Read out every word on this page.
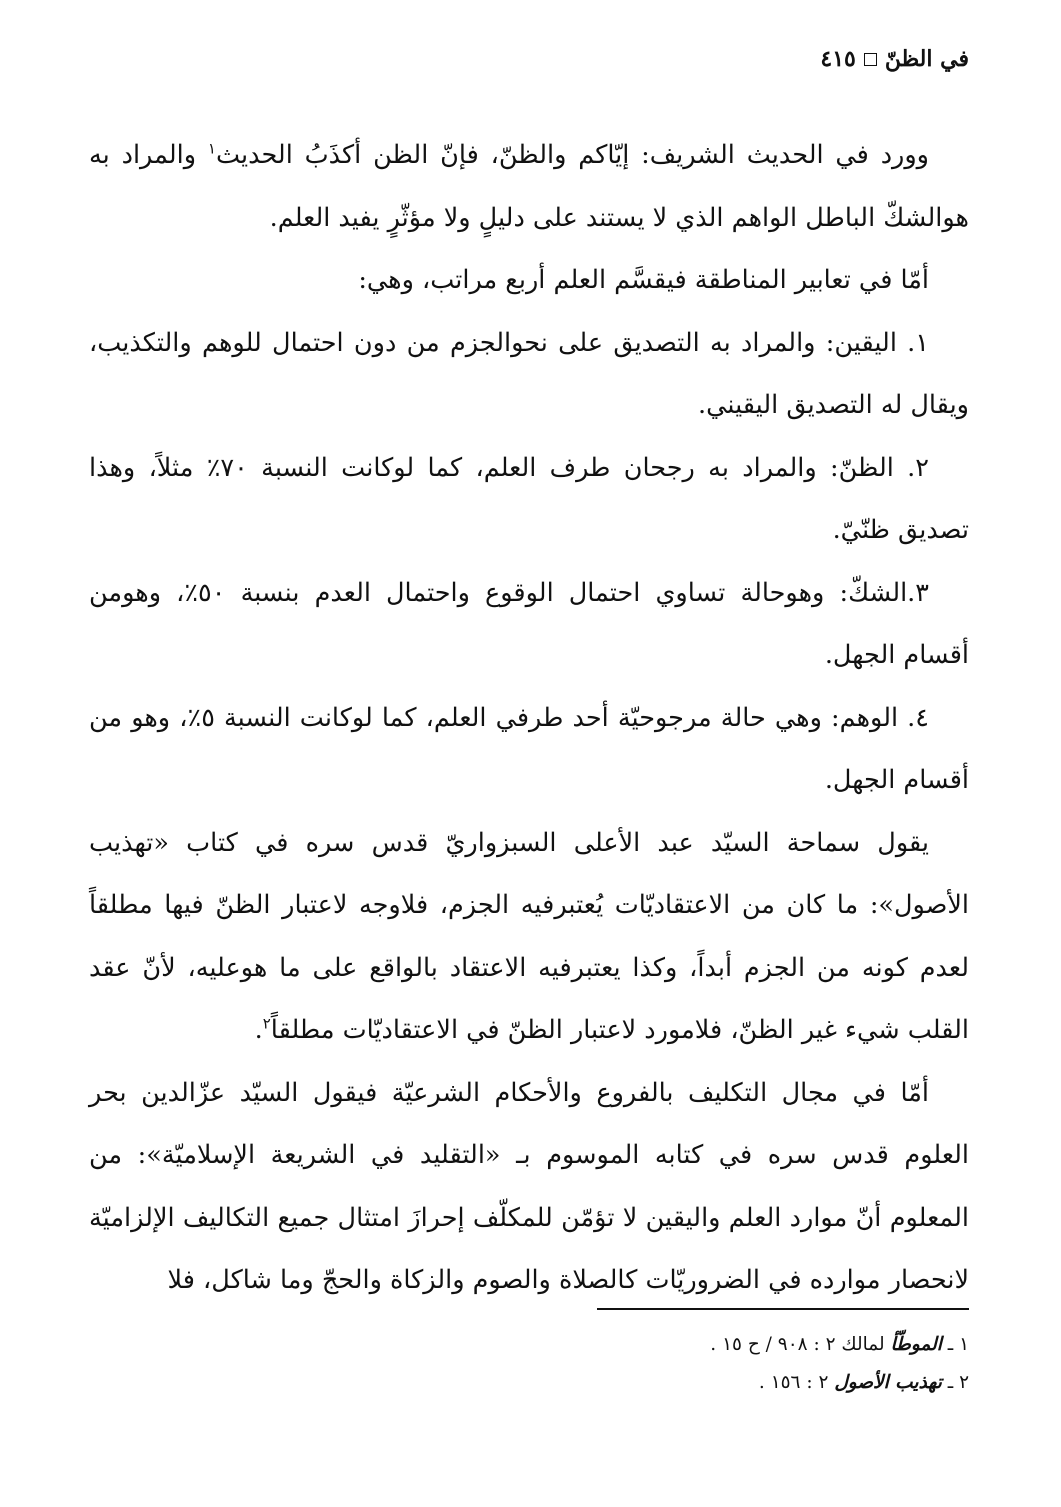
في الظنّ
٤١٥

وورد في الحديث الشريف: إيّاكم والظنّ، فإنّ الظن أكذَبُ الحديث$^١$ والمراد به هوالشكّ الباطل الواهم الذي لا يستند على دليلٍ ولا مؤثّرٍ يفيد العلم.

أمّا في تعابير المناطقة فيقسَّم العلم أربع مراتب، وهي:

١. اليقين: والمراد به التصديق على نحوالجزم من دون احتمال للوهم والتكذيب، ويقال له التصديق اليقيني.

٢. الظنّ: والمراد به رجحان طرف العلم، كما لوكانت النسبة ٧٠٪ مثلاً، وهذا تصديق ظنّيّ.

٣.الشكّ: وهوحالة تساوي احتمال الوقوع واحتمال العدم بنسبة ٥٠٪، وهومن أقسام الجهل.

٤. الوهم: وهي حالة مرجوحيّة أحد طرفي العلم، كما لوكانت النسبة ٥٪، وهو من أقسام الجهل.

يقول سماحة السيّد عبد الأعلى السبزواريّ قدس سره في كتاب «تهذيب الأصول»: ما كان من الاعتقاديّات يُعتبرفيه الجزم، فلاوجه لاعتبار الظنّ فيها مطلقاً لعدم كونه من الجزم أبداً، وكذا يعتبرفيه الاعتقاد بالواقع على ما هوعليه، لأنّ عقد القلب شيء غير الظنّ، فلامورد لاعتبار الظنّ في الاعتقاديّات مطلقاً$^٢$.

أمّا في مجال التكليف بالفروع والأحكام الشرعيّة فيقول السيّد عزّالدين بحر العلوم قدس سره في كتابه الموسوم بـ «التقليد في الشريعة الإسلاميّة»: من المعلوم أنّ موارد العلم واليقين لا تؤمّن للمكلّف إحرازَ امتثال جميع التكاليف الإلزاميّة لانحصار موارده في الضروريّات كالصلاة والصوم والزكاة والحجّ وما شاكل، فلا

١ ـ الموطّأ لمالك ٢ : ٩٠٨ / ح ١٥ .

٢ ـ تهذيب الأصول ٢ : ١٥٦ .
